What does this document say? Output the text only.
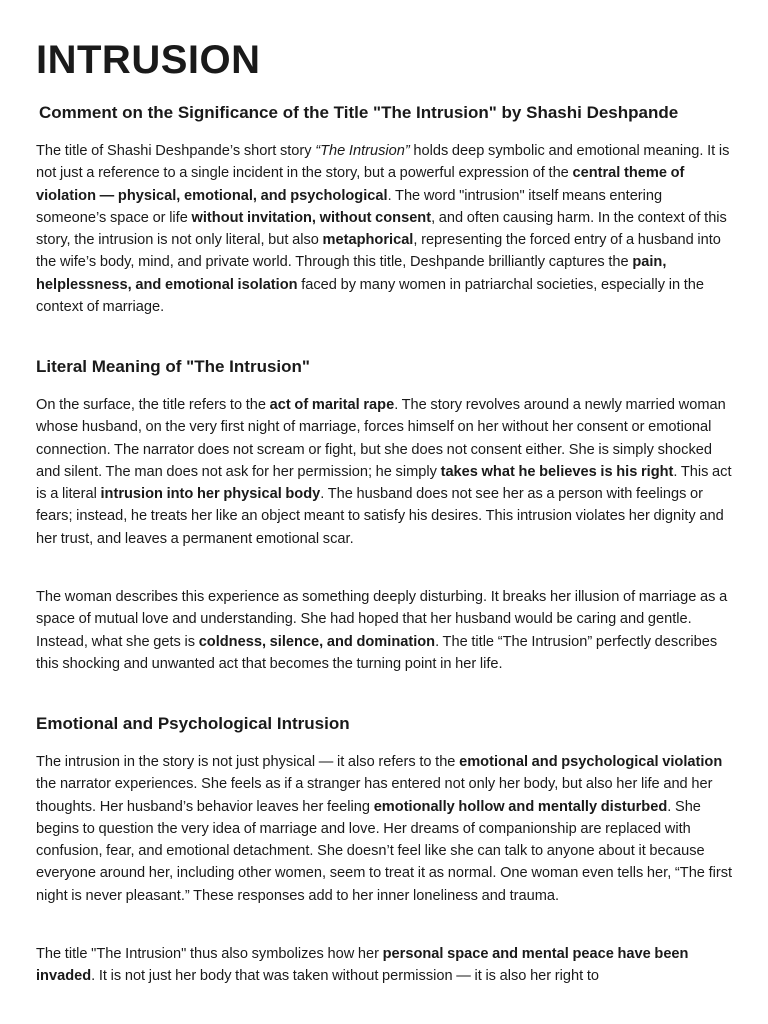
INTRUSION
Comment on the Significance of the Title "The Intrusion" by Shashi Deshpande

The title of Shashi Deshpande’s short story “The Intrusion” holds deep symbolic and emotional meaning. It is not just a reference to a single incident in the story, but a powerful expression of the central theme of violation — physical, emotional, and psychological. The word "intrusion" itself means entering someone’s space or life without invitation, without consent, and often causing harm. In the context of this story, the intrusion is not only literal, but also metaphorical, representing the forced entry of a husband into the wife’s body, mind, and private world. Through this title, Deshpande brilliantly captures the pain, helplessness, and emotional isolation faced by many women in patriarchal societies, especially in the context of marriage.

Literal Meaning of "The Intrusion"

On the surface, the title refers to the act of marital rape. The story revolves around a newly married woman whose husband, on the very first night of marriage, forces himself on her without her consent or emotional connection. The narrator does not scream or fight, but she does not consent either. She is simply shocked and silent. The man does not ask for her permission; he simply takes what he believes is his right. This act is a literal intrusion into her physical body. The husband does not see her as a person with feelings or fears; instead, he treats her like an object meant to satisfy his desires. This intrusion violates her dignity and her trust, and leaves a permanent emotional scar.

The woman describes this experience as something deeply disturbing. It breaks her illusion of marriage as a space of mutual love and understanding. She had hoped that her husband would be caring and gentle. Instead, what she gets is coldness, silence, and domination. The title “The Intrusion” perfectly describes this shocking and unwanted act that becomes the turning point in her life.

Emotional and Psychological Intrusion

The intrusion in the story is not just physical — it also refers to the emotional and psychological violation the narrator experiences. She feels as if a stranger has entered not only her body, but also her life and her thoughts. Her husband’s behavior leaves her feeling emotionally hollow and mentally disturbed. She begins to question the very idea of marriage and love. Her dreams of companionship are replaced with confusion, fear, and emotional detachment. She doesn’t feel like she can talk to anyone about it because everyone around her, including other women, seem to treat it as normal. One woman even tells her, “The first night is never pleasant.” These responses add to her inner loneliness and trauma.

The title "The Intrusion" thus also symbolizes how her personal space and mental peace have been invaded. It is not just her body that was taken without permission — it is also her right to
